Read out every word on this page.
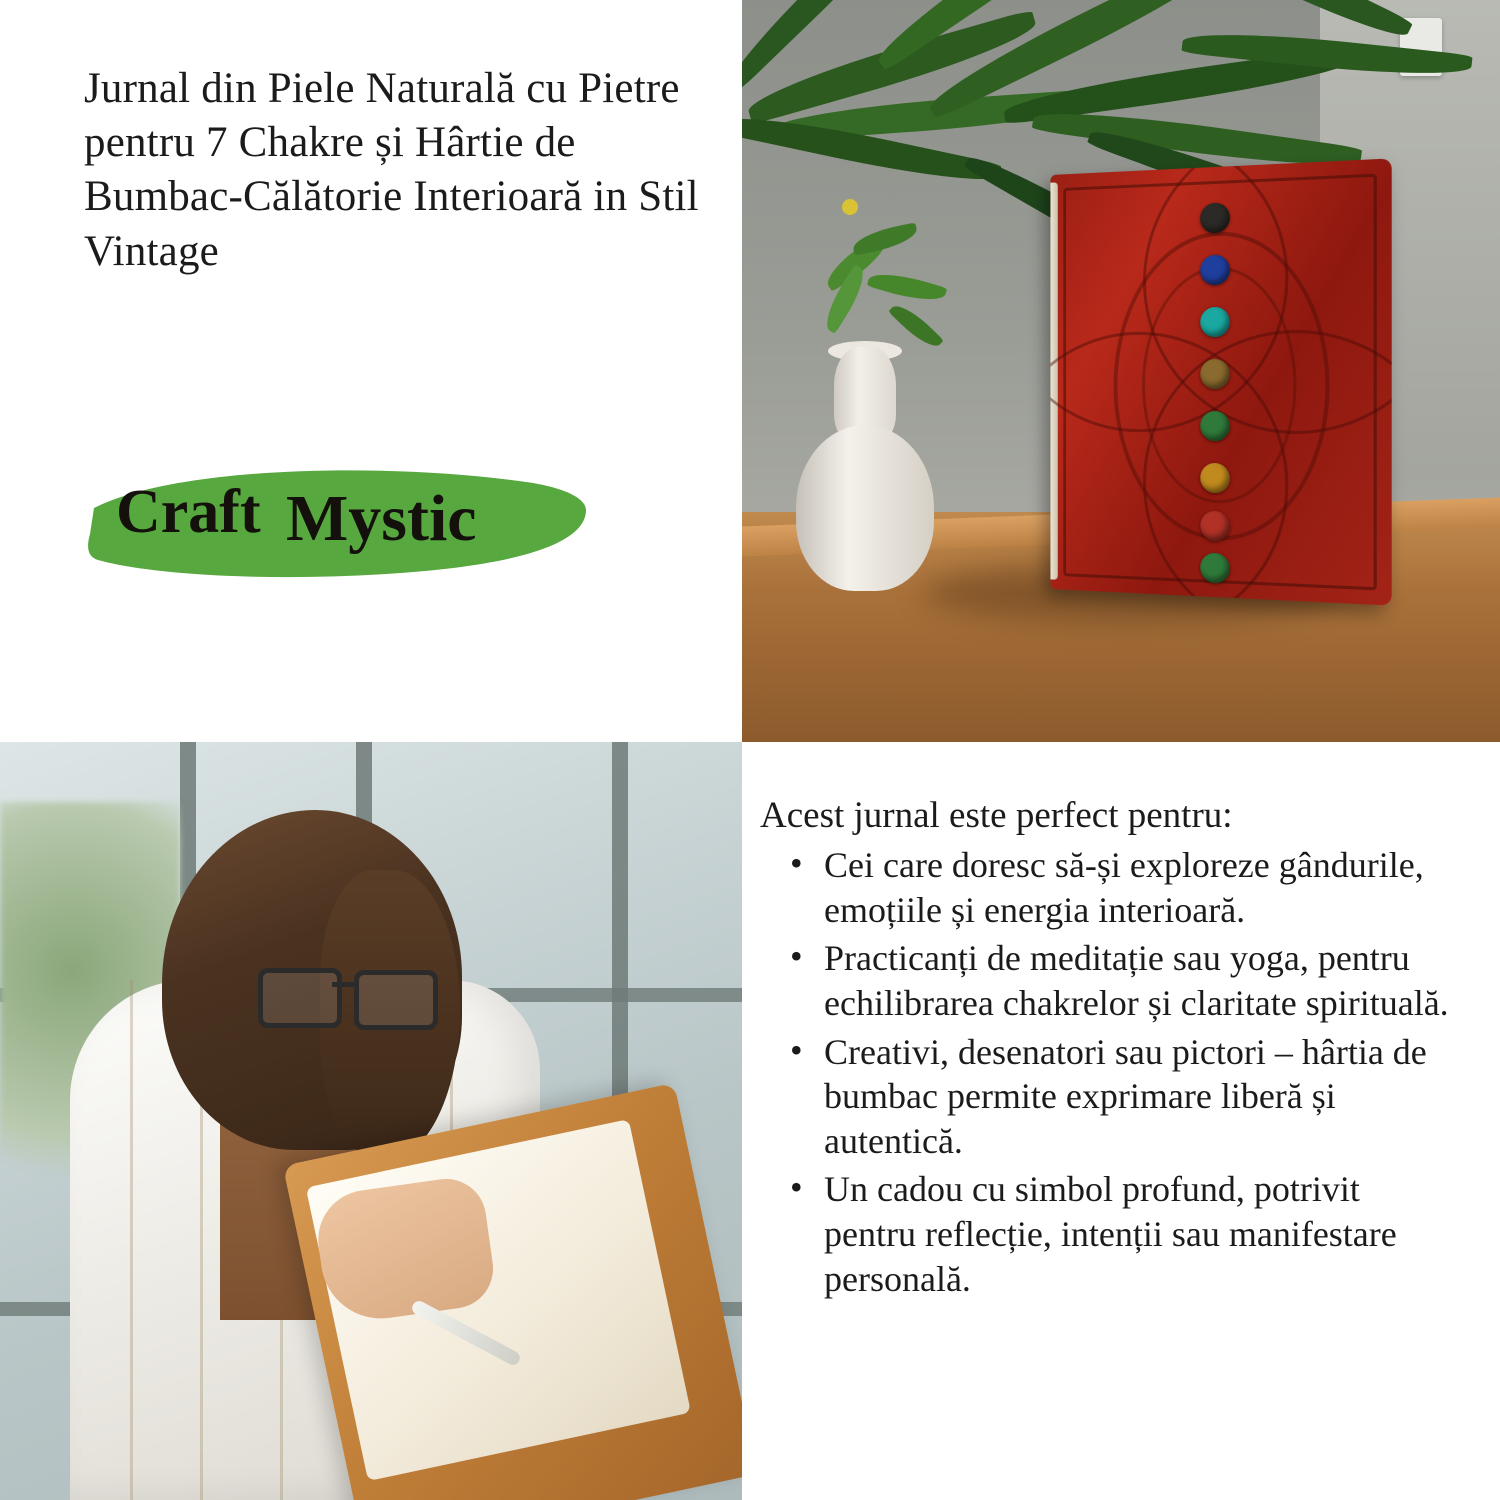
Jurnal din Piele Naturală cu Pietre pentru 7 Chakre și Hârtie de Bumbac-Călătorie Interioară in Stil Vintage
Craft Mystic

Acest jurnal este perfect pentru:

• Cei care doresc să-și exploreze gândurile, emoțiile și energia interioară.
• Practicanți de meditație sau yoga, pentru echilibrarea chakrelor și claritate spirituală.
• Creativi, desenatori sau pictori – hârtia de bumbac permite exprimare liberă și autentică.
• Un cadou cu simbol profund, potrivit pentru reflecție, intenții sau manifestare personală.
